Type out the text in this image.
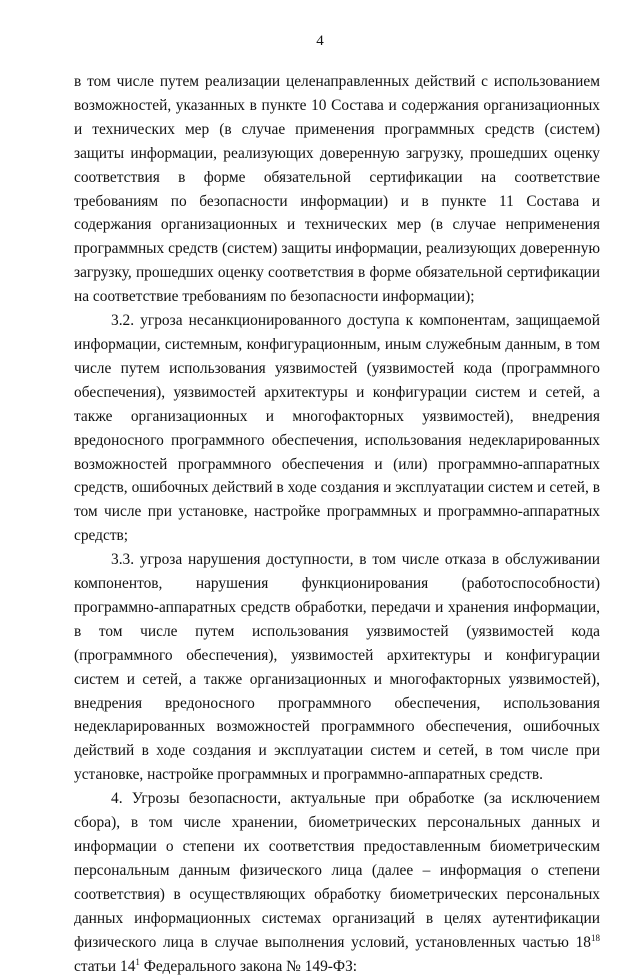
4

в том числе путем реализации целенаправленных действий с использованием возможностей, указанных в пункте 10 Состава и содержания организационных и технических мер (в случае применения программных средств (систем) защиты информации, реализующих доверенную загрузку, прошедших оценку соответствия в форме обязательной сертификации на соответствие требованиям по безопасности информации) и в пункте 11 Состава и содержания организационных и технических мер (в случае неприменения программных средств (систем) защиты информации, реализующих доверенную загрузку, прошедших оценку соответствия в форме обязательной сертификации на соответствие требованиям по безопасности информации);

3.2. угроза несанкционированного доступа к компонентам, защищаемой информации, системным, конфигурационным, иным служебным данным, в том числе путем использования уязвимостей (уязвимостей кода (программного обеспечения), уязвимостей архитектуры и конфигурации систем и сетей, а также организационных и многофакторных уязвимостей), внедрения вредоносного программного обеспечения, использования недекларированных возможностей программного обеспечения и (или) программно-аппаратных средств, ошибочных действий в ходе создания и эксплуатации систем и сетей, в том числе при установке, настройке программных и программно-аппаратных средств;

3.3. угроза нарушения доступности, в том числе отказа в обслуживании компонентов, нарушения функционирования (работоспособности) программно-аппаратных средств обработки, передачи и хранения информации, в том числе путем использования уязвимостей (уязвимостей кода (программного обеспечения), уязвимостей архитектуры и конфигурации систем и сетей, а также организационных и многофакторных уязвимостей), внедрения вредоносного программного обеспечения, использования недекларированных возможностей программного обеспечения, ошибочных действий в ходе создания и эксплуатации систем и сетей, в том числе при установке, настройке программных и программно-аппаратных средств.

4. Угрозы безопасности, актуальные при обработке (за исключением сбора), в том числе хранении, биометрических персональных данных и информации о степени их соответствия предоставленным биометрическим персональным данным физического лица (далее – информация о степени соответствия) в осуществляющих обработку биометрических персональных данных информационных системах организаций в целях аутентификации физического лица в случае выполнения условий, установленных частью $18^{18}$ статьи $14^1$ Федерального закона № 149-ФЗ:
